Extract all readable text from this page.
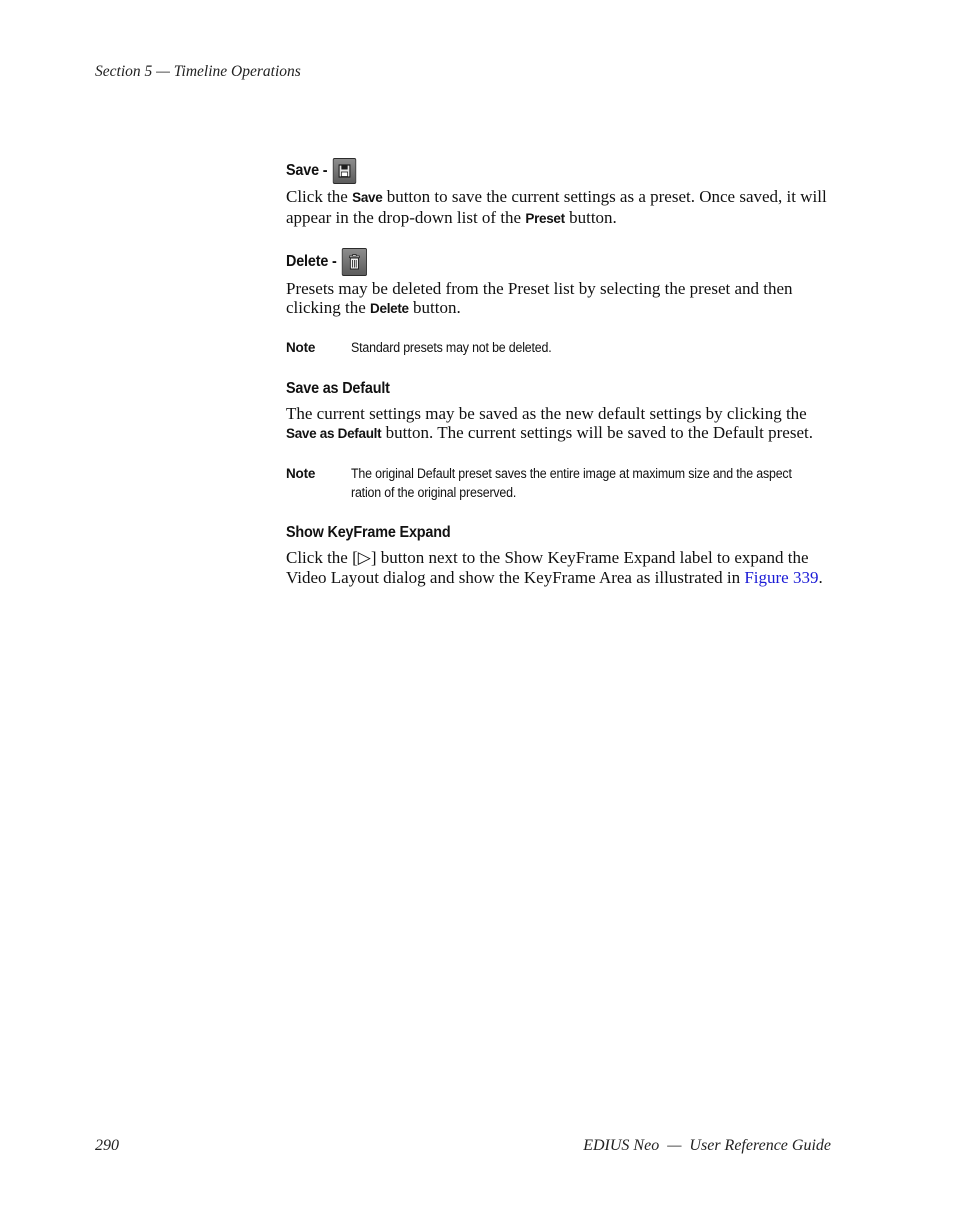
Section 5 — Timeline Operations
Save -
Click the Save button to save the current settings as a preset. Once saved, it will appear in the drop-down list of the Preset button.
Delete -
Presets may be deleted from the Preset list by selecting the preset and then clicking the Delete button.
Note	Standard presets may not be deleted.
Save as Default
The current settings may be saved as the new default settings by clicking the Save as Default button. The current settings will be saved to the Default preset.
Note	The original Default preset saves the entire image at maximum size and the aspect ration of the original preserved.
Show KeyFrame Expand
Click the [▷] button next to the Show KeyFrame Expand label to expand the Video Layout dialog and show the KeyFrame Area as illustrated in Figure 339.
290	EDIUS Neo  —  User Reference Guide
